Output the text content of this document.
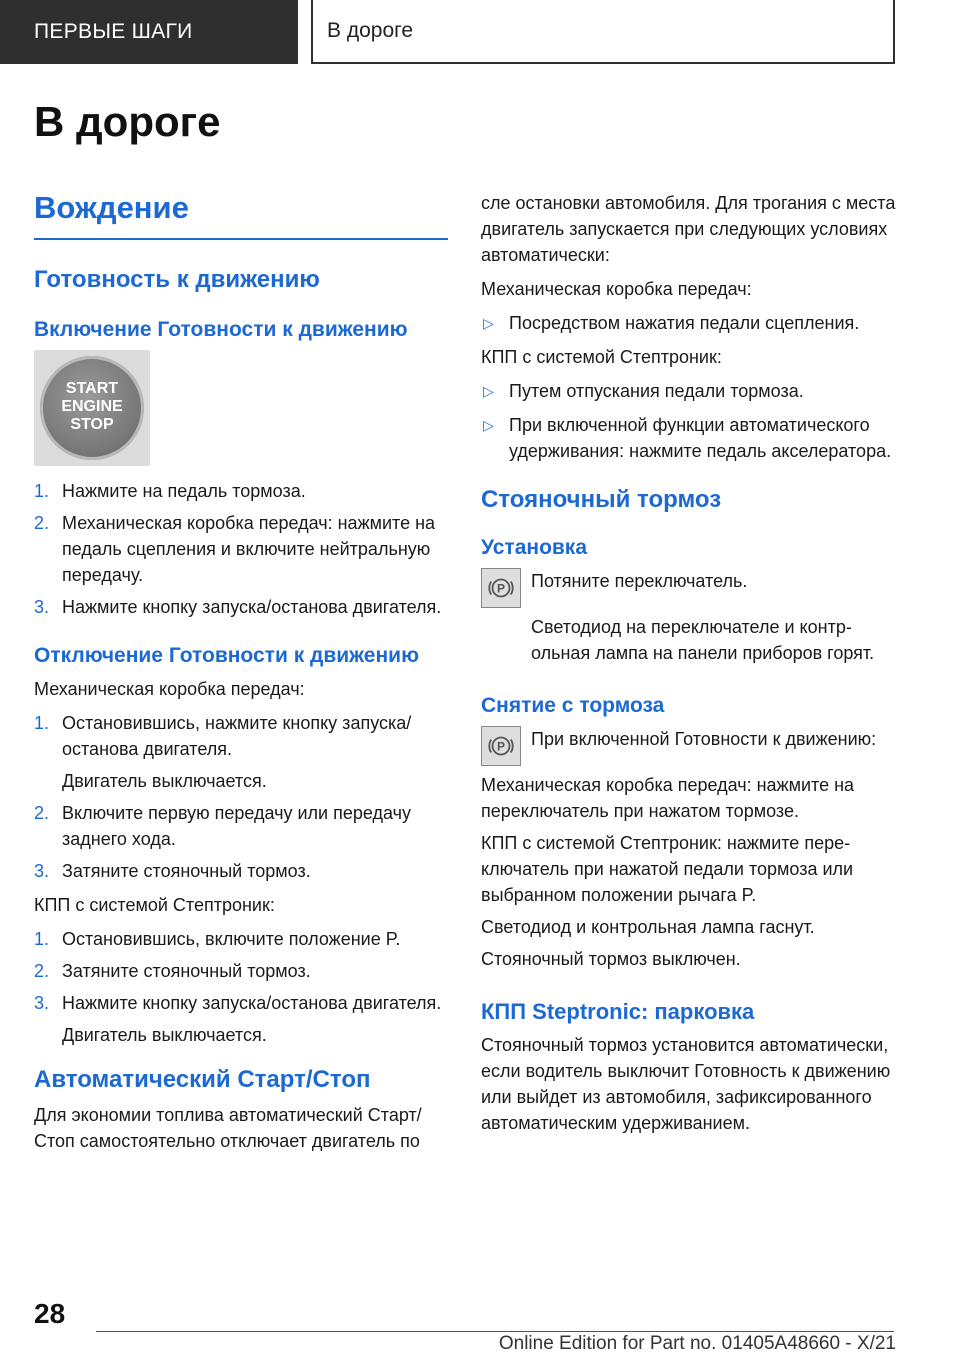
ПЕРВЫЕ ШАГИ	В дороге
В дороге
Вождение
Готовность к движению
Включение Готовности к движению
START
ENGINE
STOP
1. Нажмите на педаль тормоза.
2. Механическая коробка передач: нажмите на педаль сцепления и включите нейтральную передачу.
3. Нажмите кнопку запуска/останова двигателя.
Отключение Готовности к движению
Механическая коробка передач:
1. Остановившись, нажмите кнопку запуска/ останова двигателя.
Двигатель выключается.
2. Включите первую передачу или передачу заднего хода.
3. Затяните стояночный тормоз.
КПП с системой Стептроник:
1. Остановившись, включите положение P.
2. Затяните стояночный тормоз.
3. Нажмите кнопку запуска/останова двигателя.
Двигатель выключается.
Автоматический Старт/Стоп
Для экономии топлива автоматический Старт/Стоп самостоятельно отключает двигатель по
сле остановки автомобиля. Для трогания с места двигатель запускается при следующих условиях автоматически:
Механическая коробка передач:
▷ Посредством нажатия педали сцепления.
КПП с системой Стептроник:
▷ Путем отпускания педали тормоза.
▷ При включенной функции автоматического удерживания: нажмите педаль акселератора.
Стояночный тормоз
Установка
P Потяните переключатель.
Светодиод на переключателе и контрольная лампа на панели приборов горят.
Снятие с тормоза
P При включенной Готовности к движению:
Механическая коробка передач: нажмите на переключатель при нажатом тормозе.
КПП с системой Стептроник: нажмите переключатель при нажатой педали тормоза или выбранном положении рычага P.
Светодиод и контрольная лампа гаснут.
Стояночный тормоз выключен.
КПП Steptronic: парковка
Стояночный тормоз установится автоматически, если водитель выключит Готовность к движению или выйдет из автомобиля, зафиксированного автоматическим удерживанием.
28
Online Edition for Part no. 01405A48660 - X/21
